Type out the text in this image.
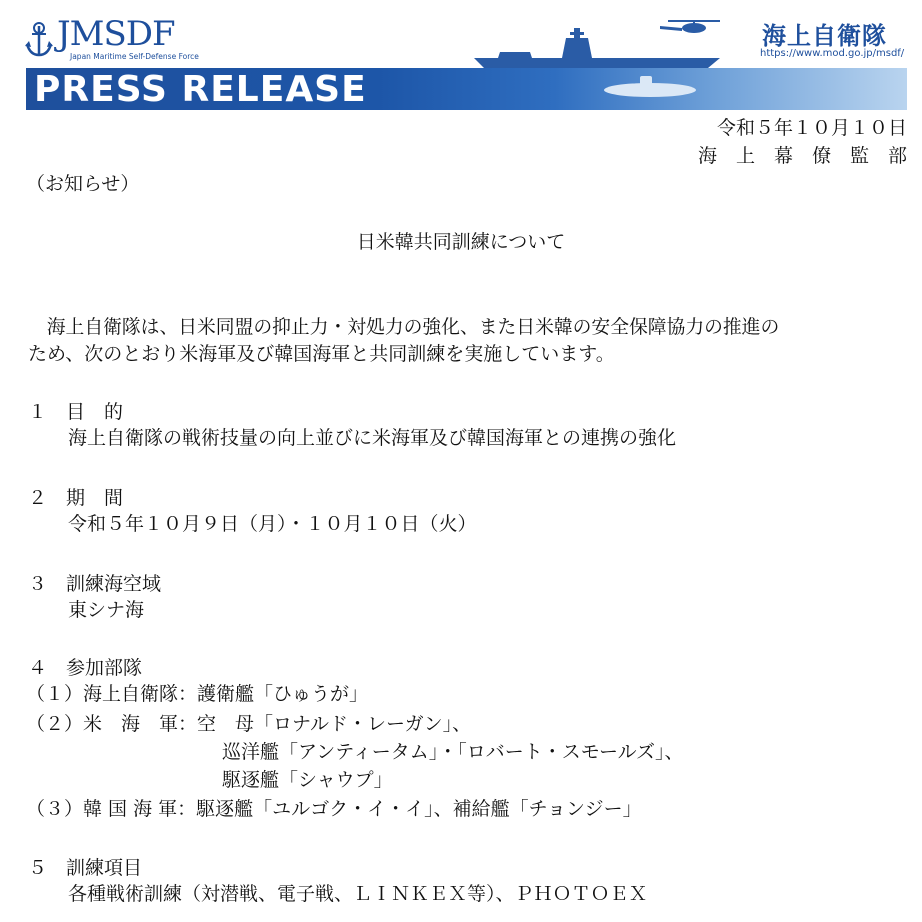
JMSDF
Japan Maritime Self-Defense Force
PRESS RELEASE
海上自衛隊
https://www.mod.go.jp/msdf/
令和５年１０月１０日
海　上　幕　僚　監　部
（お知らせ）
日米韓共同訓練について
　海上自衛隊は、日米同盟の抑止力・対処力の強化、また日米韓の安全保障協力の推進の
ため、次のとおり米海軍及び韓国海軍と共同訓練を実施しています。
１　目　的
海上自衛隊の戦術技量の向上並びに米海軍及び韓国海軍との連携の強化
２　期　間
令和５年１０月９日（月）・１０月１０日（火）
３　訓練海空域
東シナ海
４　参加部隊
（１）海上自衛隊：護衛艦「ひゅうが」
（２）米　海　軍：空　母「ロナルド・レーガン」、
巡洋艦「アンティータム」・「ロバート・スモールズ」、
駆逐艦「シャウプ」
（３）韓 国 海 軍：駆逐艦「ユルゴク・イ・イ」、補給艦「チョンジー」
５　訓練項目
各種戦術訓練（対潜戦、電子戦、ＬＩＮＫＥＸ等）、ＰＨＯＴＯＥＸ
